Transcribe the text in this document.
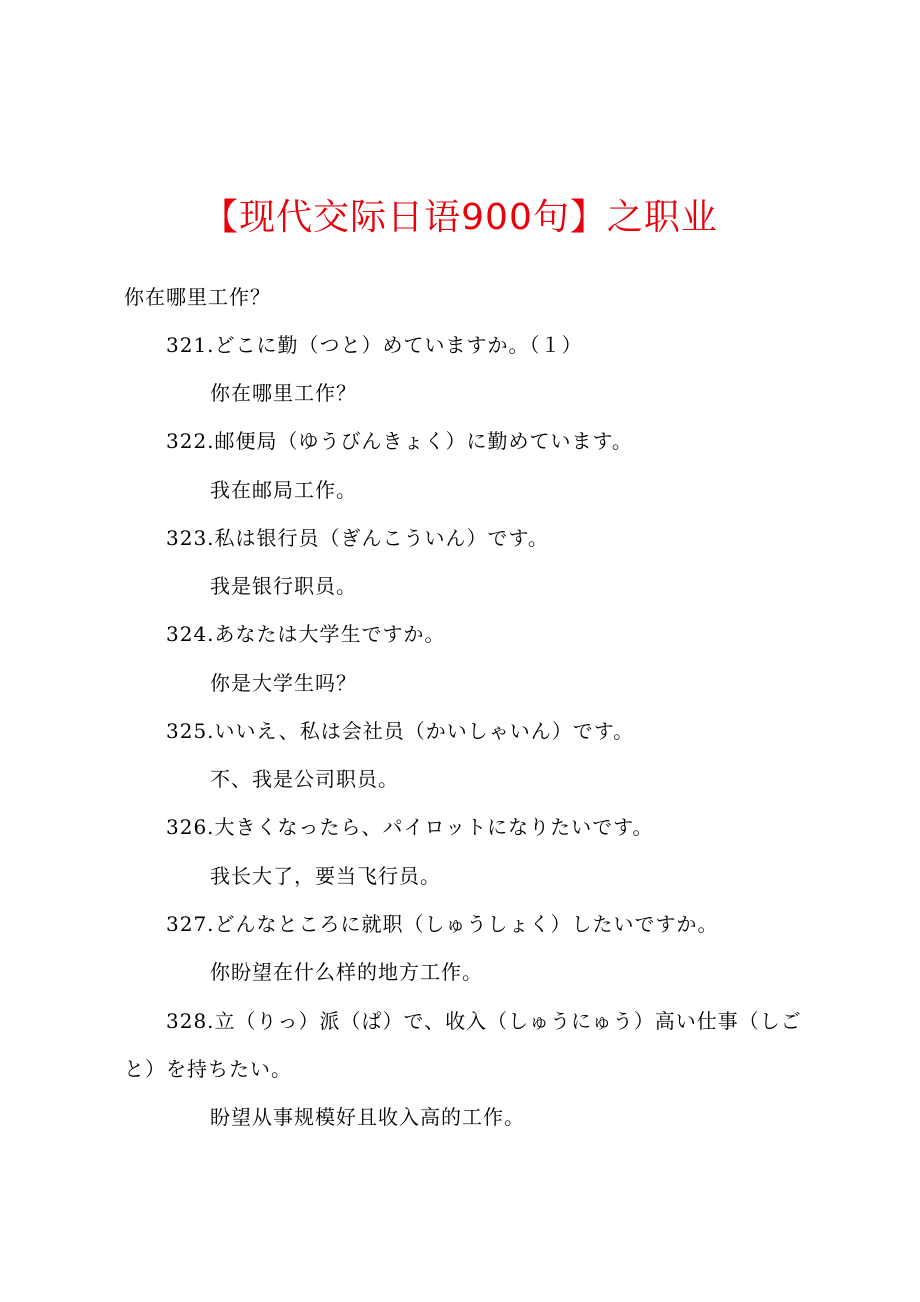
【现代交际日语900句】之职业
你在哪里工作？
321.どこに勤（つと）めていますか。（１）
你在哪里工作？
322.邮便局（ゆうびんきょく）に勤めています。
我在邮局工作。
323.私は银行员（ぎんこういん）です。
我是银行职员。
324.あなたは大学生ですか。
你是大学生吗？
325.いいえ、私は会社员（かいしゃいん）です。
不、我是公司职员。
326.大きくなったら、パイロットになりたいです。
我长大了，要当飞行员。
327.どんなところに就职（しゅうしょく）したいですか。
你盼望在什么样的地方工作。
328.立（りっ）派（ぱ）で、收入（しゅうにゅう）高い仕事（しご
と）を持ちたい。
盼望从事规模好且收入高的工作。
